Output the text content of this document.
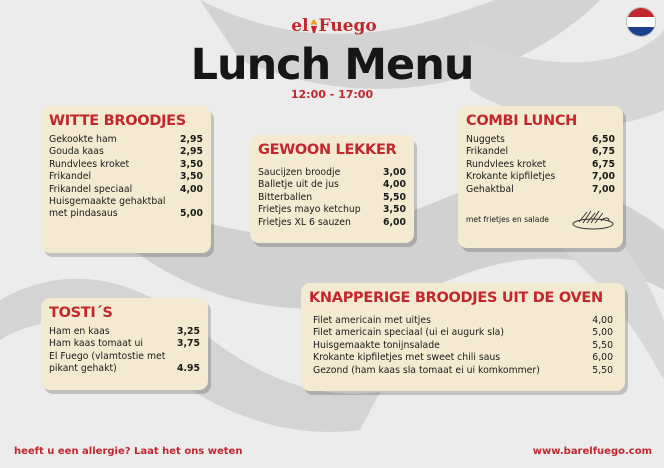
el Fuego
Lunch Menu
12:00 - 17:00
WITTE BROODJES
Gekookte ham	2,95
Gouda kaas	2,95
Rundvlees kroket	3,50
Frikandel	3,50
Frikandel speciaal	4,00
Huisgemaakte gehaktbal met pindasaus	5,00
GEWOON LEKKER
Saucijzen broodje	3,00
Balletje uit de jus	4,00
Bitterballen	5,50
Frietjes mayo ketchup	3,50
Frietjes XL 6 sauzen	6,00
COMBI LUNCH
Nuggets	6,50
Frikandel	6,75
Rundvlees kroket	6,75
Krokante kipfiletjes	7,00
Gehaktbal	7,00
met frietjes en salade
TOSTI´S
Ham en kaas	3,25
Ham kaas tomaat ui	3,75
El Fuego (vlamtostie met pikant gehakt)	4.95
KNAPPERIGE BROODJES UIT DE OVEN
Filet americain met uitjes	4,00
Filet americain speciaal (ui ei augurk sla)	5,00
Huisgemaakte tonijnsalade	5,50
Krokante kipfiletjes met sweet chili saus	6,00
Gezond (ham kaas sla tomaat ei ui komkommer)	5,50
heeft u een allergie? Laat het ons weten	www.barelfuego.com
